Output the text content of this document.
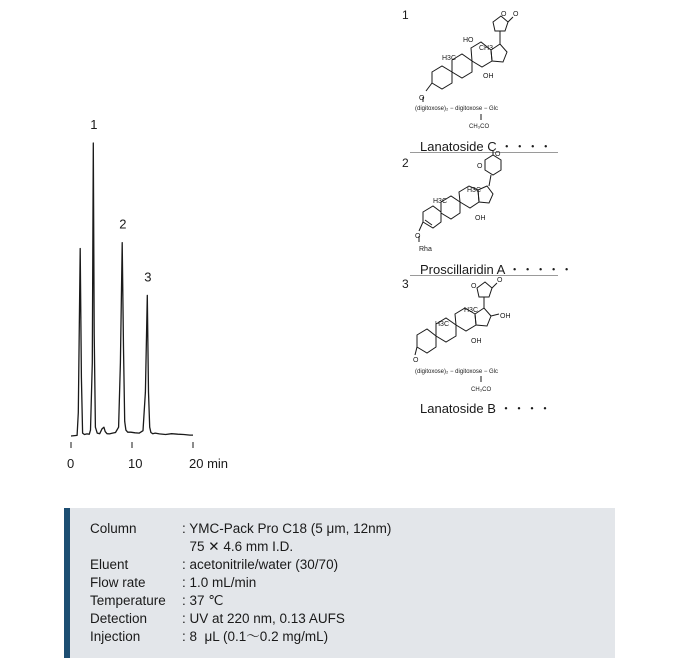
0	10	20 min
1
2
3
1	O O
HO
CH3
H3C
OH
O
(digitoxose)₂ − digitoxose − Glc
CH₃CO
Lanatoside C ・・・・
2	O
O
H3C
H3C
OH
O
Rha
Proscillaridin A ・・・・・
3	O
O
H3C
OH
H3C
OH
O
(digitoxose)₂ − digitoxose − Glc
CH₃CO
Lanatoside B ・・・・
Column	: YMC-Pack Pro C18 (5 μm, 12nm)
	75 ✕ 4.6 mm I.D.
Eluent	: acetonitrile/water (30/70)
Flow rate	: 1.0 mL/min
Temperature	: 37 ℃
Detection	: UV at 220 nm, 0.13 AUFS
Injection	: 8  μL (0.1〜0.2 mg/mL)
